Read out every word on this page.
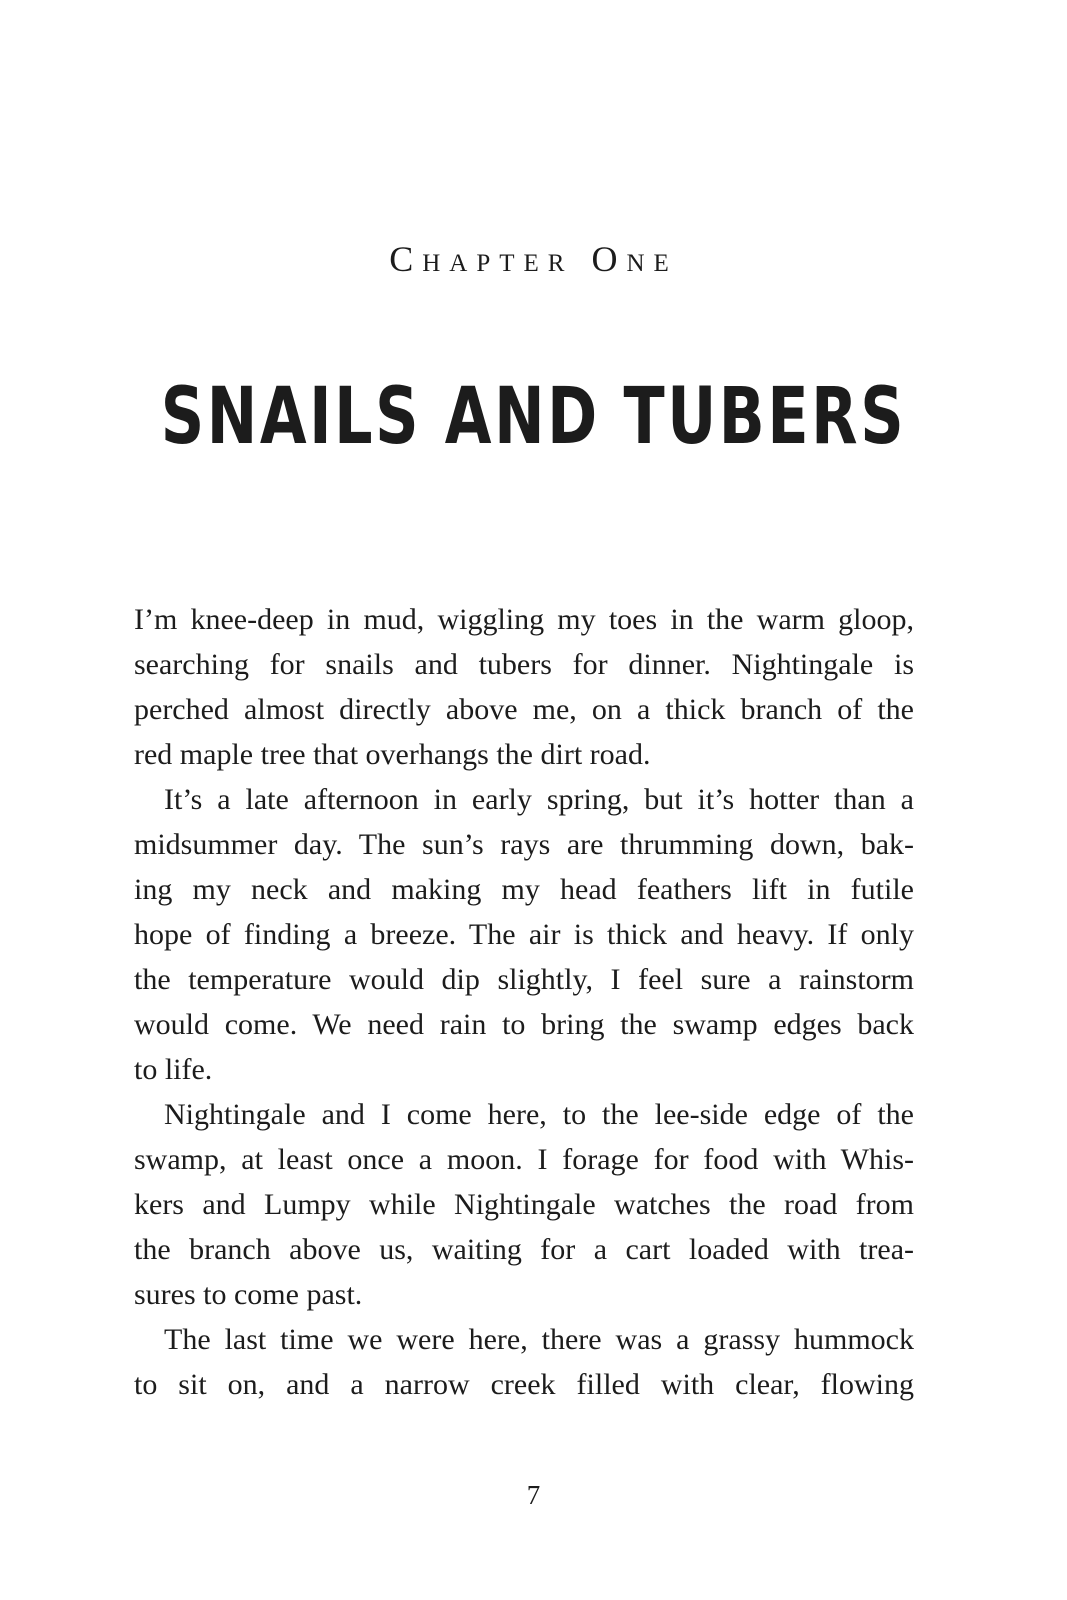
Chapter One
SNAILS AND TUBERS
I’m knee-deep in mud, wiggling my toes in the warm gloop,
searching for snails and tubers for dinner. Nightingale is
perched almost directly above me, on a thick branch of the
red maple tree that overhangs the dirt road.
It’s a late afternoon in early spring, but it’s hotter than a
midsummer day. The sun’s rays are thrumming down, bak-
ing my neck and making my head feathers lift in futile
hope of finding a breeze. The air is thick and heavy. If only
the temperature would dip slightly, I feel sure a rainstorm
would come. We need rain to bring the swamp edges back
to life.
Nightingale and I come here, to the lee-side edge of the
swamp, at least once a moon. I forage for food with Whis-
kers and Lumpy while Nightingale watches the road from
the branch above us, waiting for a cart loaded with trea-
sures to come past.
The last time we were here, there was a grassy hummock
to sit on, and a narrow creek filled with clear, flowing
7
